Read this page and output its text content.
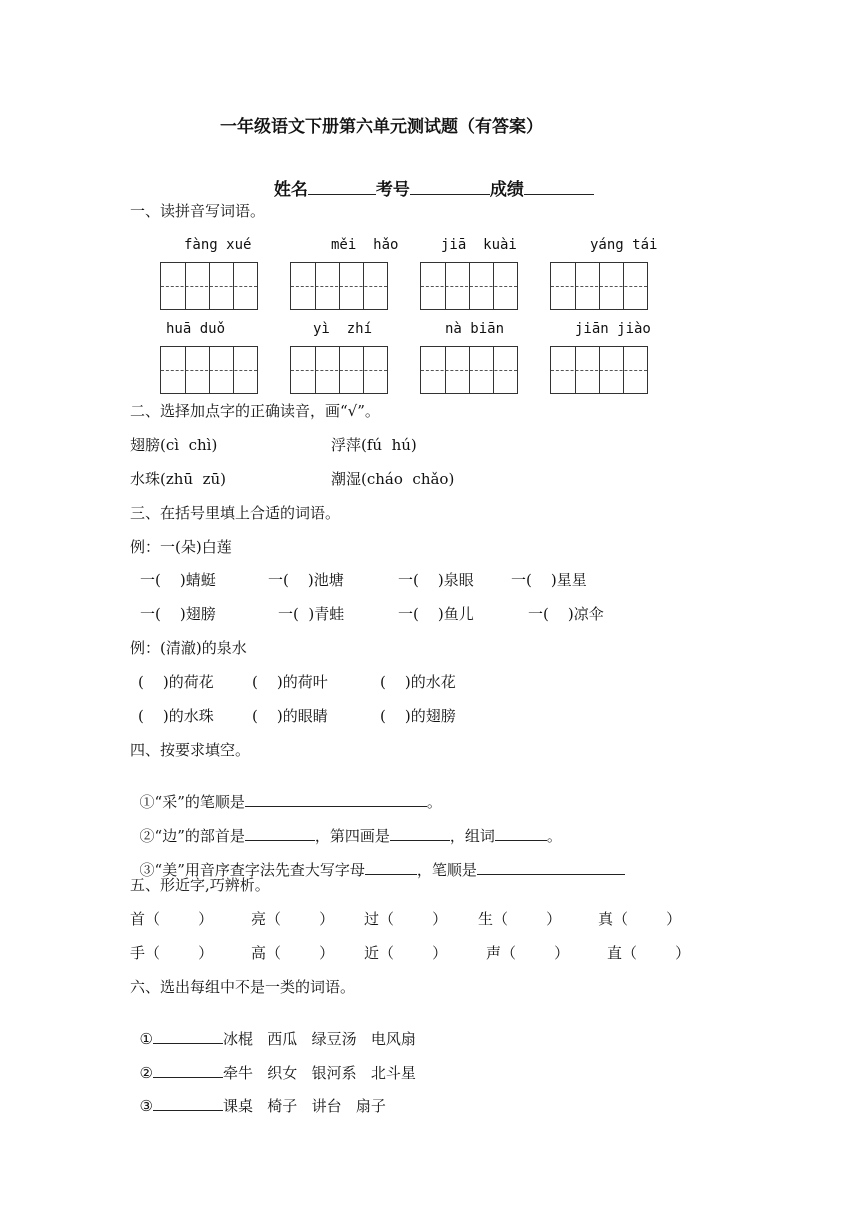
一年级语文下册第六单元测试题（有答案）

姓名	考号	成绩

一、读拼音写词语。
fàng xué	měi  hǎo	jiā  kuài	yáng tái
huā duǒ	yì  zhí	nà biān	jiān jiào
二、选择加点字的正确读音，画“√”。
翅膀(cì  chì)	浮萍(fú  hú)
水珠(zhū  zū)	潮湿(cháo  chǎo)
三、在括号里填上合适的词语。
例：一(朵)白莲
一(    )蜻蜓	一(    )池塘	一(    )泉眼 一(    )星星
一(    )翅膀	一(  )青蛙	一(    )鱼儿	一(    )凉伞
例：(清澈)的泉水
(    )的荷花	(    )的荷叶	(    )的水花
(    )的水珠	(    )的眼睛	(    )的翅膀
四、按要求填空。

①“采”的笔顺是	。

②“边”的部首是	，第四画是	，组词	。

③“美”用音序查字法先查大写字母	，笔顺是

五、形近字,巧辨析。
首（        ）	亮（        ） 过（        ） 生（        ） 真（        ）
手（        ）	高（        ） 近（        ）	声（        ）	直（        ）
六、选出每组中不是一类的词语。

①	冰棍   西瓜   绿豆汤   电风扇

②	牵牛   织女   银河系   北斗星

③	课桌   椅子   讲台   扇子
